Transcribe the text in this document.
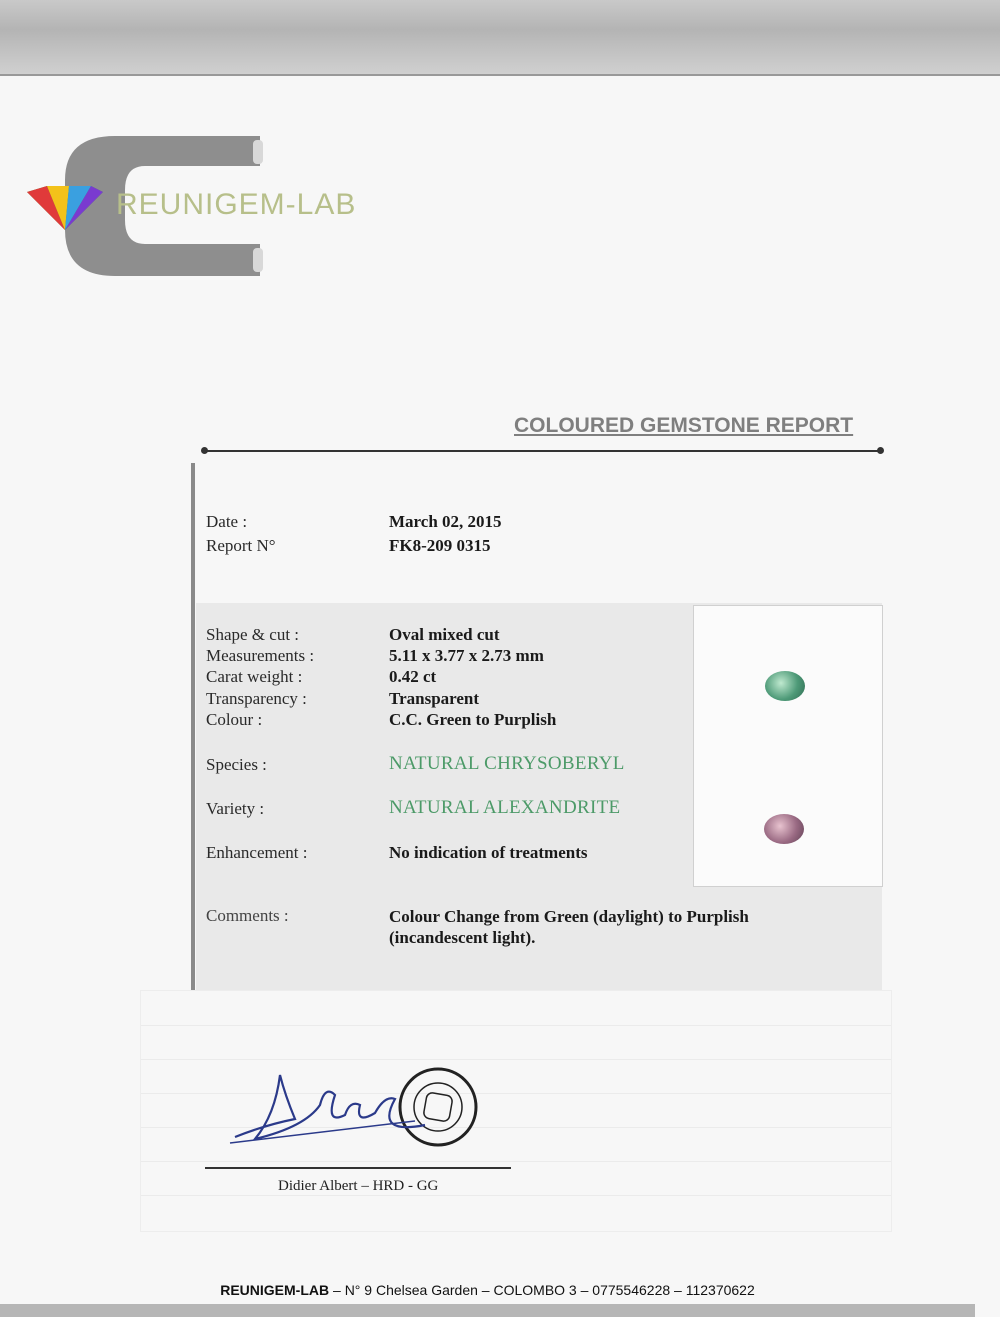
REUNIGEM-LAB
COLOURED GEMSTONE REPORT
Date :	March 02, 2015
Report N°	FK8-209 0315
Shape & cut :	Oval mixed cut
Measurements :	5.11 x 3.77 x 2.73 mm
Carat weight :	0.42 ct
Transparency :	Transparent
Colour :	C.C. Green to Purplish
Species :	NATURAL CHRYSOBERYL
Variety :	NATURAL ALEXANDRITE
Enhancement :	No indication of treatments
Comments :	Colour Change from Green (daylight) to Purplish
(incandescent light).
Didier Albert – HRD - GG
REUNIGEM-LAB – N° 9 Chelsea Garden – COLOMBO 3 – 0775546228 – 112370622
